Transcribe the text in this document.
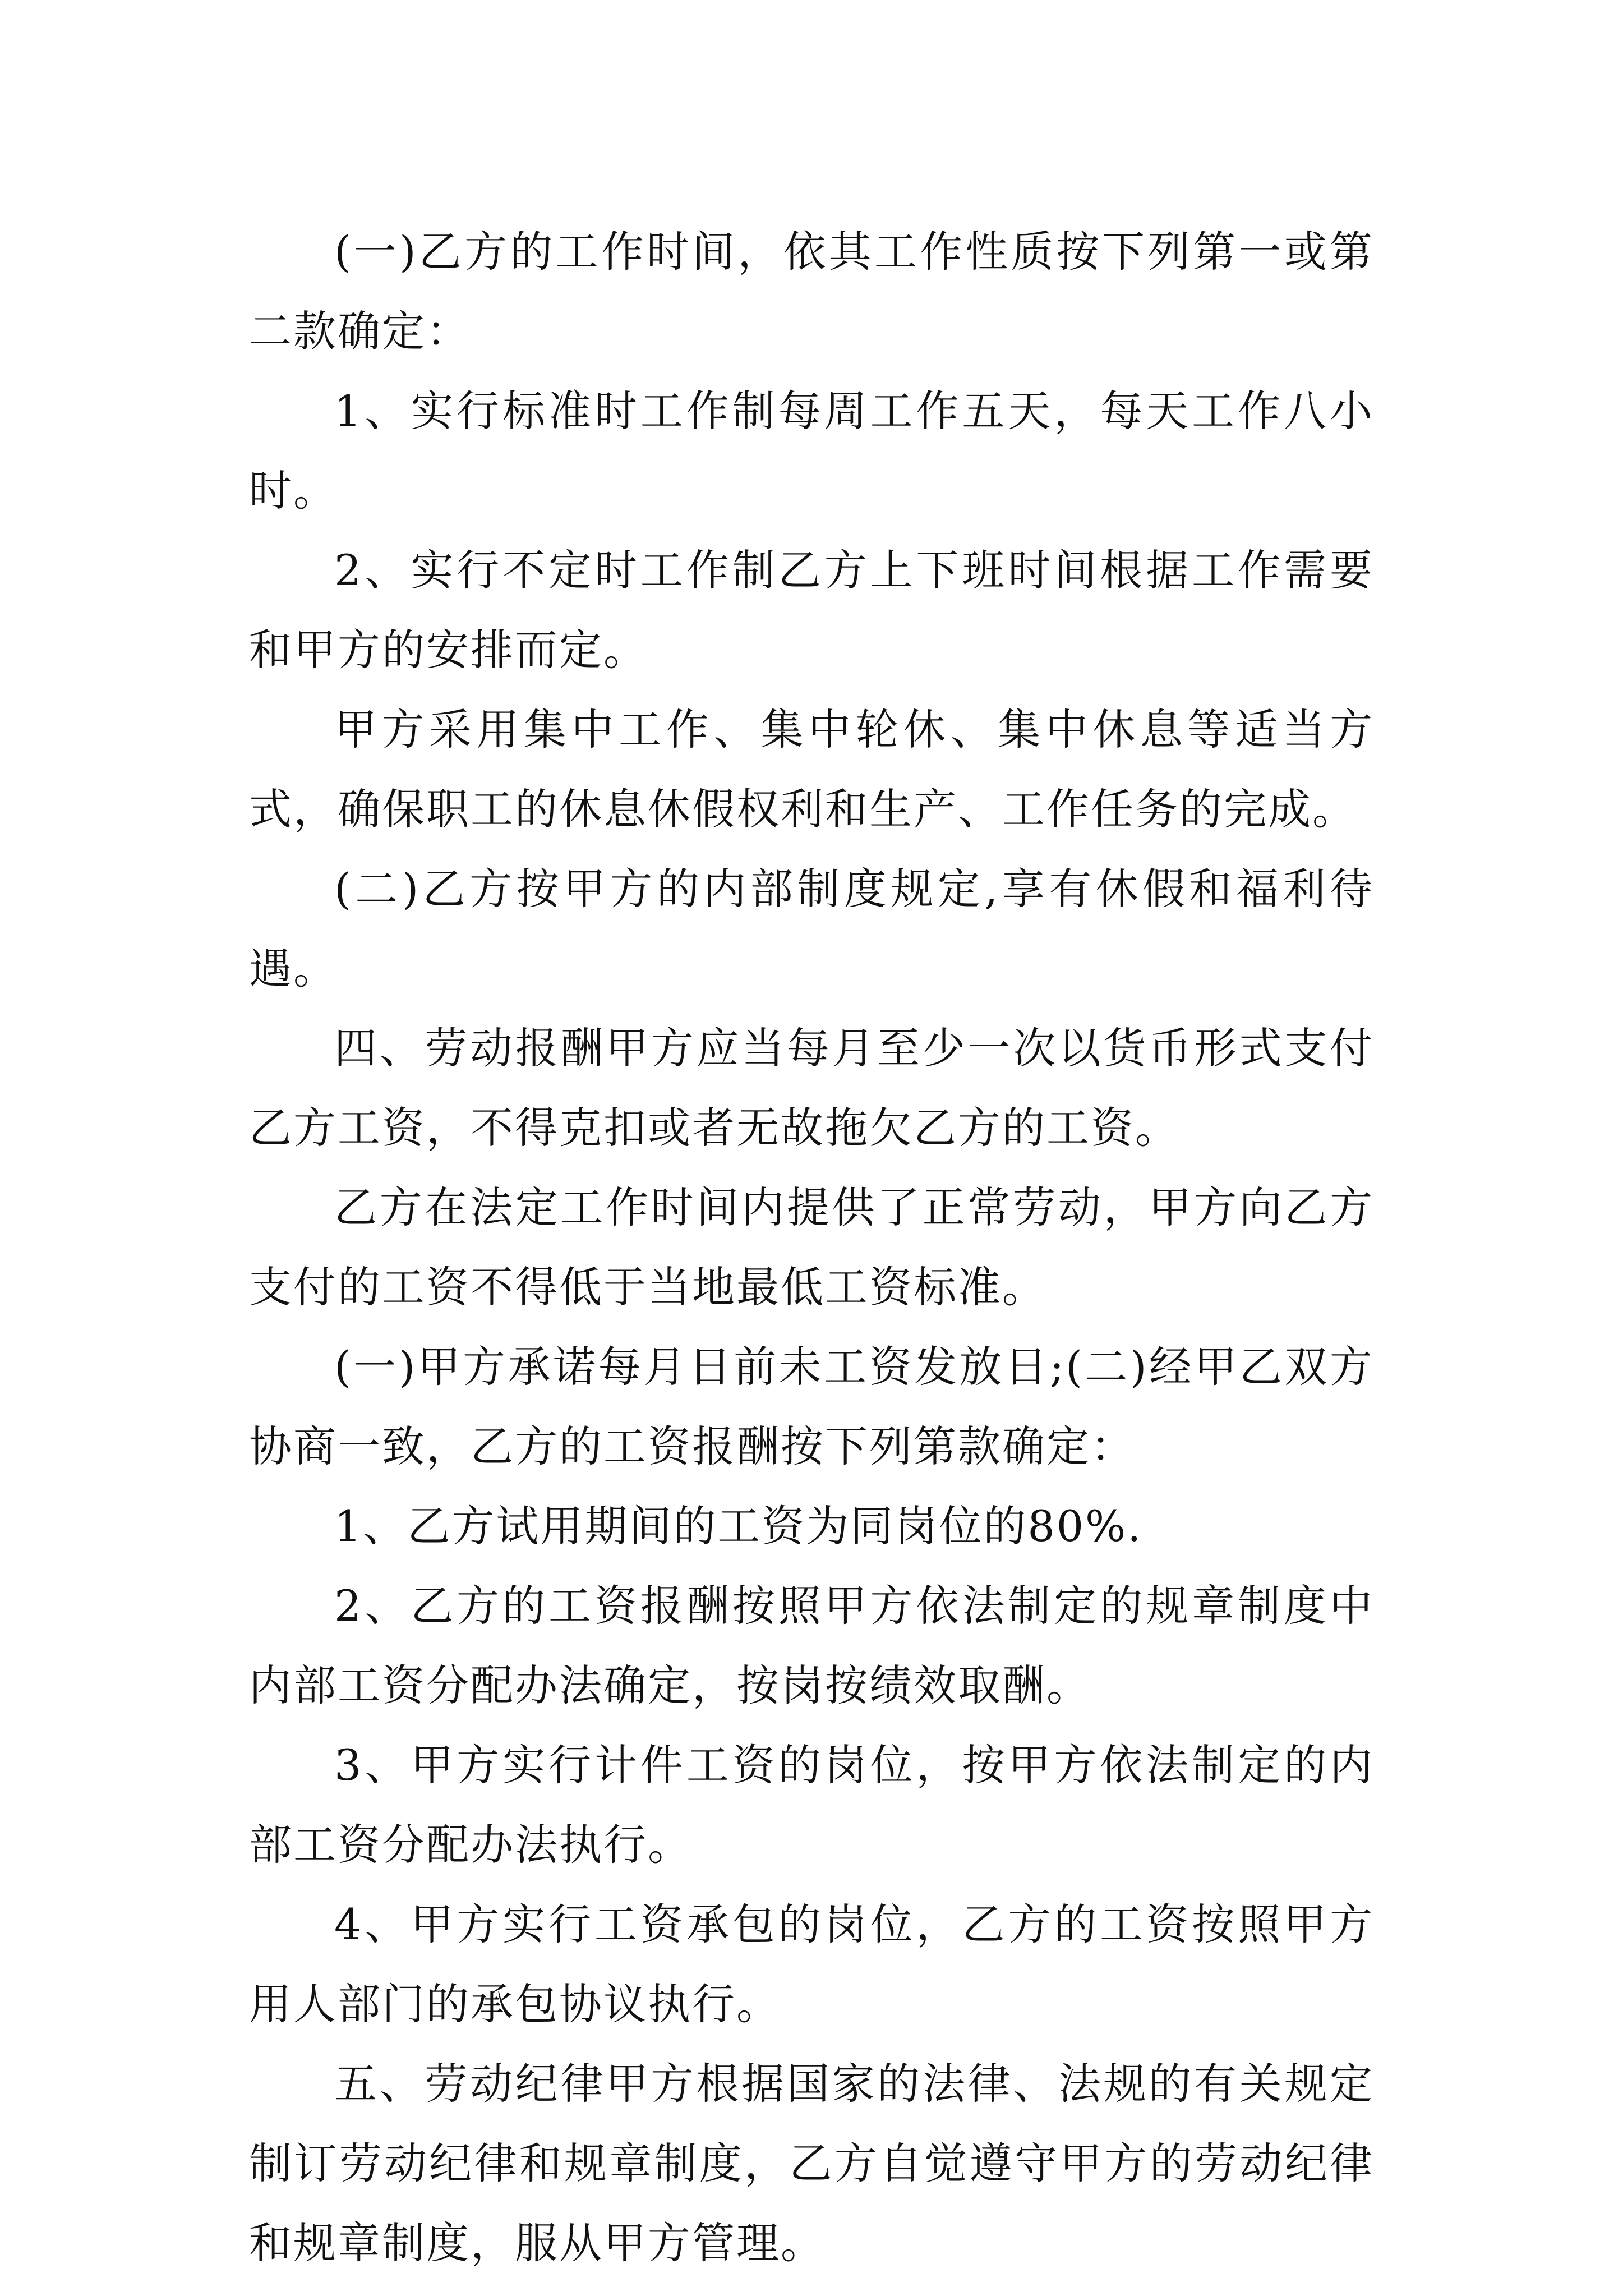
(一)乙方的工作时间，依其工作性质按下列第一或第二款确定：

1、实行标准时工作制每周工作五天，每天工作八小时。

2、实行不定时工作制乙方上下班时间根据工作需要和甲方的安排而定。

甲方采用集中工作、集中轮休、集中休息等适当方式，确保职工的休息休假权利和生产、工作任务的完成。

(二)乙方按甲方的内部制度规定,享有休假和福利待遇。

四、劳动报酬甲方应当每月至少一次以货币形式支付乙方工资，不得克扣或者无故拖欠乙方的工资。

乙方在法定工作时间内提供了正常劳动，甲方向乙方支付的工资不得低于当地最低工资标准。

(一)甲方承诺每月日前未工资发放日;(二)经甲乙双方协商一致，乙方的工资报酬按下列第款确定：

1、乙方试用期间的工资为同岗位的80%.

2、乙方的工资报酬按照甲方依法制定的规章制度中内部工资分配办法确定，按岗按绩效取酬。

3、甲方实行计件工资的岗位，按甲方依法制定的内部工资分配办法执行。

4、甲方实行工资承包的岗位，乙方的工资按照甲方用人部门的承包协议执行。

五、劳动纪律甲方根据国家的法律、法规的有关规定制订劳动纪律和规章制度，乙方自觉遵守甲方的劳动纪律和规章制度，服从甲方管理。
